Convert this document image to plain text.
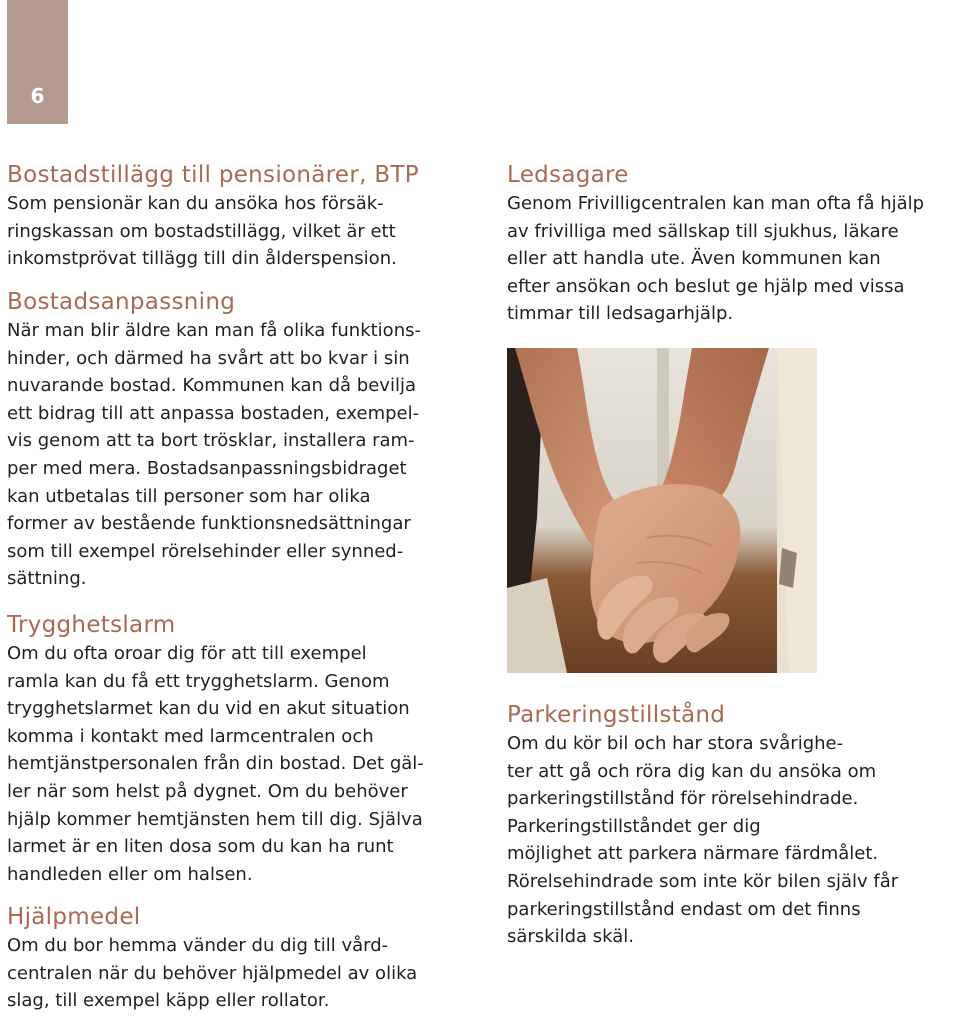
6
Bostadstillägg till pensionärer, BTP
Som pensionär kan du ansöka hos försäk-
ringskassan om bostadstillägg, vilket är ett
inkomstprövat tillägg till din ålderspension.
Bostadsanpassning
När man blir äldre kan man få olika funktions-
hinder, och därmed ha svårt att bo kvar i sin
nuvarande bostad. Kommunen kan då bevilja
ett bidrag till att anpassa bostaden, exempel-
vis genom att ta bort trösklar, installera ram-
per med mera. Bostadsanpassningsbidraget
kan utbetalas till personer som har olika
former av bestående funktionsnedsättningar
som till exempel rörelsehinder eller synned-
sättning.
Trygghetslarm
Om du ofta oroar dig för att till exempel
ramla kan du få ett trygghetslarm. Genom
trygghetslarmet kan du vid en akut situation
komma i kontakt med larmcentralen och
hemtjänstpersonalen från din bostad. Det gäl-
ler när som helst på dygnet. Om du behöver
hjälp kommer hemtjänsten hem till dig. Själva
larmet är en liten dosa som du kan ha runt
handleden eller om halsen.
Hjälpmedel
Om du bor hemma vänder du dig till vård-
centralen när du behöver hjälpmedel av olika
slag, till exempel käpp eller rollator.
Ledsagare
Genom Frivilligcentralen kan man ofta få hjälp
av frivilliga med sällskap till sjukhus, läkare
eller att handla ute. Även kommunen kan
efter ansökan och beslut ge hjälp med vissa
timmar till ledsagarhjälp.
Parkeringstillstånd
Om du kör bil och har stora svårighe-
ter att gå och röra dig kan du ansöka om
parkeringstillstånd för rörelsehindrade.
Parkeringstillståndet ger dig
möjlighet att parkera närmare färdmålet.
Rörelsehindrade som inte kör bilen själv får
parkeringstillstånd endast om det finns
särskilda skäl.
